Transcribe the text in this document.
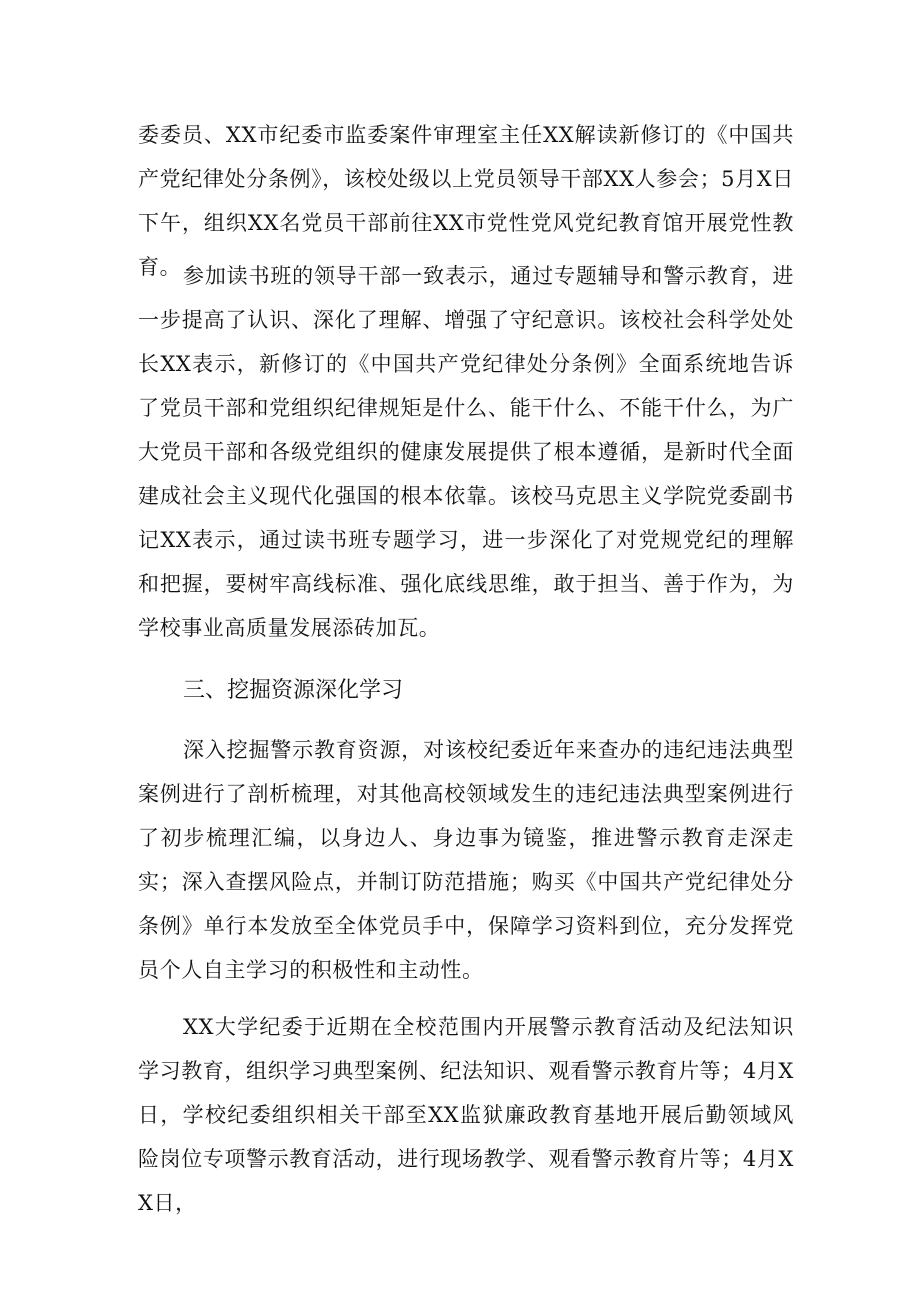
委委员、XX市纪委市监委案件审理室主任XX解读新修订的《中国共产党纪律处分条例》，该校处级以上党员领导干部XX人参会；5月X日下午，组织XX名党员干部前往XX市党性党风党纪教育馆开展党性教育。 参加读书班的领导干部一致表示，通过专题辅导和警示教育，进一步提高了认识、深化了理解、增强了守纪意识。该校社会科学处处长XX表示，新修订的《中国共产党纪律处分条例》全面系统地告诉了党员干部和党组织纪律规矩是什么、能干什么、不能干什么，为广大党员干部和各级党组织的健康发展提供了根本遵循，是新时代全面建成社会主义现代化强国的根本依靠。该校马克思主义学院党委副书记XX表示，通过读书班专题学习，进一步深化了对党规党纪的理解和把握，要树牢高线标准、强化底线思维，敢于担当、善于作为，为学校事业高质量发展添砖加瓦。

三、挖掘资源深化学习

深入挖掘警示教育资源，对该校纪委近年来查办的违纪违法典型案例进行了剖析梳理，对其他高校领域发生的违纪违法典型案例进行了初步梳理汇编，以身边人、身边事为镜鉴，推进警示教育走深走实；深入查摆风险点，并制订防范措施；购买《中国共产党纪律处分条例》单行本发放至全体党员手中，保障学习资料到位，充分发挥党员个人自主学习的积极性和主动性。

XX大学纪委于近期在全校范围内开展警示教育活动及纪法知识学习教育，组织学习典型案例、纪法知识、观看警示教育片等；4月X日，学校纪委组织相关干部至XX监狱廉政教育基地开展后勤领域风险岗位专项警示教育活动，进行现场教学、观看警示教育片等；4月XX日，
